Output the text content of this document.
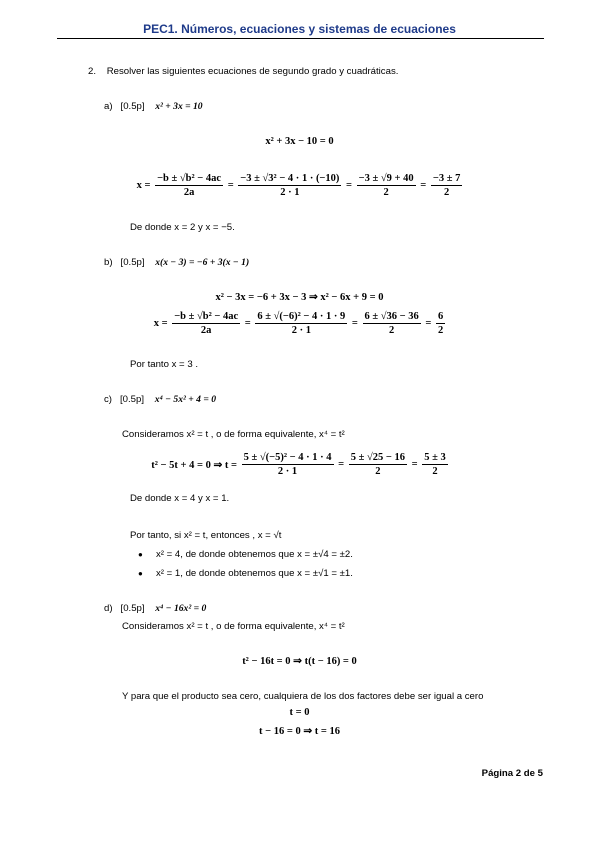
PEC1. Números, ecuaciones y sistemas de ecuaciones
2. Resolver las siguientes ecuaciones de segundo grado y cuadráticas.
a) [0.5p] x² + 3x = 10
x² + 3x − 10 = 0
$x = \frac{\text{−b ± √b² − 4ac}}{2a} = \frac{\text{−3 ± √3² − 4 · 1 · (−10)}}{2 \cdot 1} = \frac{-3 \pm √9 + 40}{2} = \frac{-3 \pm 7}{2}$
De donde x = 2 y x = −5.
b) [0.5p] x(x − 3) = −6 + 3(x − 1)
x² − 3x = −6 + 3x − 3 ⇒ x² − 6x + 9 = 0
$x = \frac{\text{−b ± √b² − 4ac}}{2a} = \frac{\text{6 ± √(−6)² − 4 · 1 · 9}}{2 \cdot 1} = \frac{6 \pm √36 - 36}{2} = \frac{6}{2}$
Por tanto x = 3 .
c) [0.5p] x⁴ − 5x² + 4 = 0
Consideramos x² = t , o de forma equivalente, x⁴ = t²
t² − 5t + 4 = 0 ⇒ $t = \frac{\text{5 ± √(−5)² − 4 · 1 · 4}}{2 \cdot 1} = \frac{5 \pm √25 - 16}{2} = \frac{5 \pm 3}{2}$
De donde x = 4 y x = 1.
Por tanto, si x² = t, entonces , x = √t
● x² = 4, de donde obtenemos que x = ±√4 = ±2.
● x² = 1, de donde obtenemos que x = ±√1 = ±1.
d) [0.5p] x⁴ − 16x² = 0
Consideramos x² = t , o de forma equivalente, x⁴ = t²
t² − 16t = 0 ⇒ t(t − 16) = 0
Y para que el producto sea cero, cualquiera de los dos factores debe ser igual a cero
t = 0
t − 16 = 0 ⇒ t = 16
Página 2 de 5
